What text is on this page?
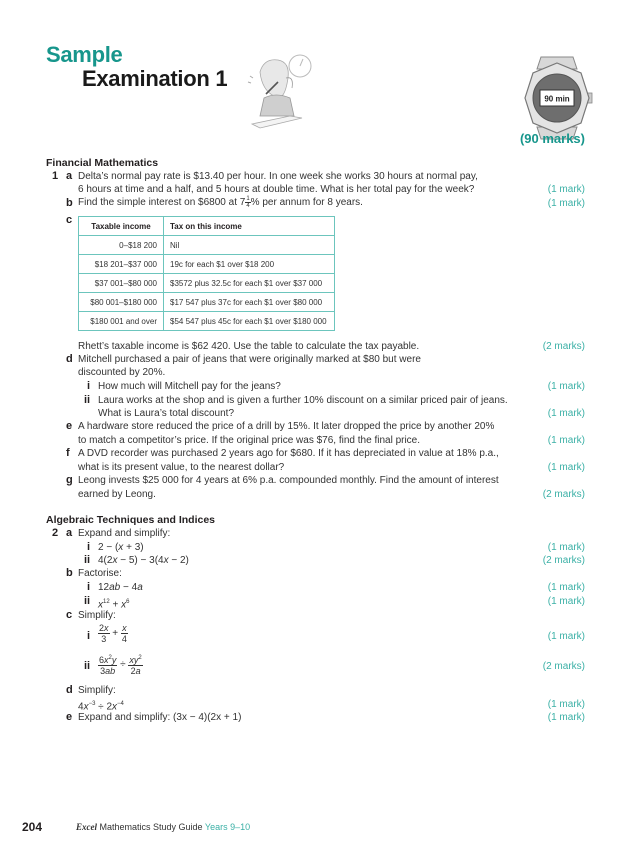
Sample
Examination 1
90 min
(90 marks)
Financial Mathematics
1 a Delta’s normal pay rate is $13.40 per hour. In one week she works 30 hours at normal pay,
6 hours at time and a half, and 5 hours at double time. What is her total pay for the week?	(1 mark)
b Find the simple interest on $6800 at $7 \frac{1}{4}$ % per annum for 8 years.	(1 mark)
c Taxable income	Tax on this income
0–$18 200	Nil
$18 201–$37 000	19c for each $1 over $18 200
$37 001–$80 000	$3572 plus 32.5c for each $1 over $37 000
$80 001–$180 000	$17 547 plus 37c for each $1 over $80 000
$180 001 and over	$54 547 plus 45c for each $1 over $180 000
Rhett’s taxable income is $62 420. Use the table to calculate the tax payable.	(2 marks)
d Mitchell purchased a pair of jeans that were originally marked at $80 but were
discounted by 20%.
i How much will Mitchell pay for the jeans?	(1 mark)
ii Laura works at the shop and is given a further 10% discount on a similar priced pair of jeans.
What is Laura’s total discount?	(1 mark)
e A hardware store reduced the price of a drill by 15%. It later dropped the price by another 20%
to match a competitor’s price. If the original price was $76, find the final price.	(1 mark)
f A DVD recorder was purchased 2 years ago for $680. If it has depreciated in value at 18% p.a.,
what is its present value, to the nearest dollar?	(1 mark)
g Leong invests $25 000 for 4 years at 6% p.a. compounded monthly. Find the amount of interest
earned by Leong.	(2 marks)
Algebraic Techniques and Indices
2 a Expand and simplify:
i 2 − (x + 3)	(1 mark)
ii 4(2x − 5) − 3(4x − 2)	(2 marks)
b Factorise:
i 12ab − 4a	(1 mark)
ii $x^{12} + x^6$	(1 mark)
c Simplify:
i $\frac{2x}{3} + \frac{x}{4}$	(1 mark)
ii $\frac{6x^2y}{3ab} \div \frac{xy^2}{2a}$	(2 marks)
d Simplify:
$4x^{-3} \div 2x^{-4}$	(1 mark)
e Expand and simplify: (3x − 4)(2x + 1)	(1 mark)
204	Excel Mathematics Study Guide Years 9–10
